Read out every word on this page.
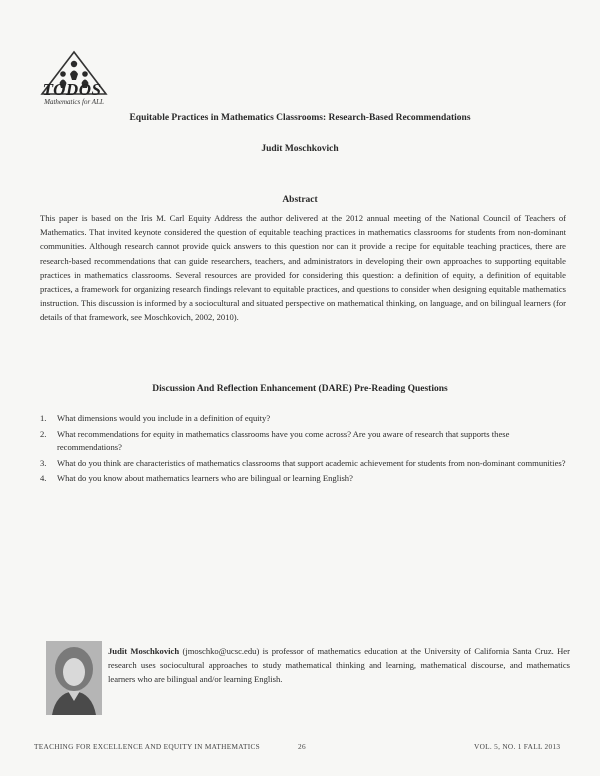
TODOS
Mathematics for ALL
Equitable Practices in Mathematics Classrooms: Research-Based Recommendations
Judit Moschkovich
Abstract
This paper is based on the Iris M. Carl Equity Address the author delivered at the 2012 annual meeting of the National Council of Teachers of Mathematics. That invited keynote considered the question of equitable teaching practices in mathematics classrooms for students from non-dominant communities. Although research cannot provide quick answers to this question nor can it provide a recipe for equitable teaching practices, there are research-based recommendations that can guide researchers, teachers, and administrators in developing their own approaches to supporting equitable practices in mathematics classrooms. Several resources are provided for considering this question: a definition of equity, a definition of equitable practices, a framework for organizing research findings relevant to equitable practices, and questions to consider when designing equitable mathematics instruction. This discussion is informed by a sociocultural and situated perspective on mathematical thinking, on language, and on bilingual learners (for details of that framework, see Moschkovich, 2002, 2010).
Discussion And Reflection Enhancement (DARE) Pre-Reading Questions
1.	What dimensions would you include in a definition of equity?
2.	What recommendations for equity in mathematics classrooms have you come across? Are you aware of research that supports these recommendations?
3.	What do you think are characteristics of mathematics classrooms that support academic achievement for students from non-dominant communities?
4.	What do you know about mathematics learners who are bilingual or learning English?
Judit Moschkovich (jmoschko@ucsc.edu) is professor of mathematics education at the University of California Santa Cruz. Her research uses sociocultural approaches to study mathematical thinking and learning, mathematical discourse, and mathematics learners who are bilingual and/or learning English.
TEACHING FOR EXCELLENCE AND EQUITY IN MATHEMATICS	26	VOL. 5, NO. 1 FALL 2013
